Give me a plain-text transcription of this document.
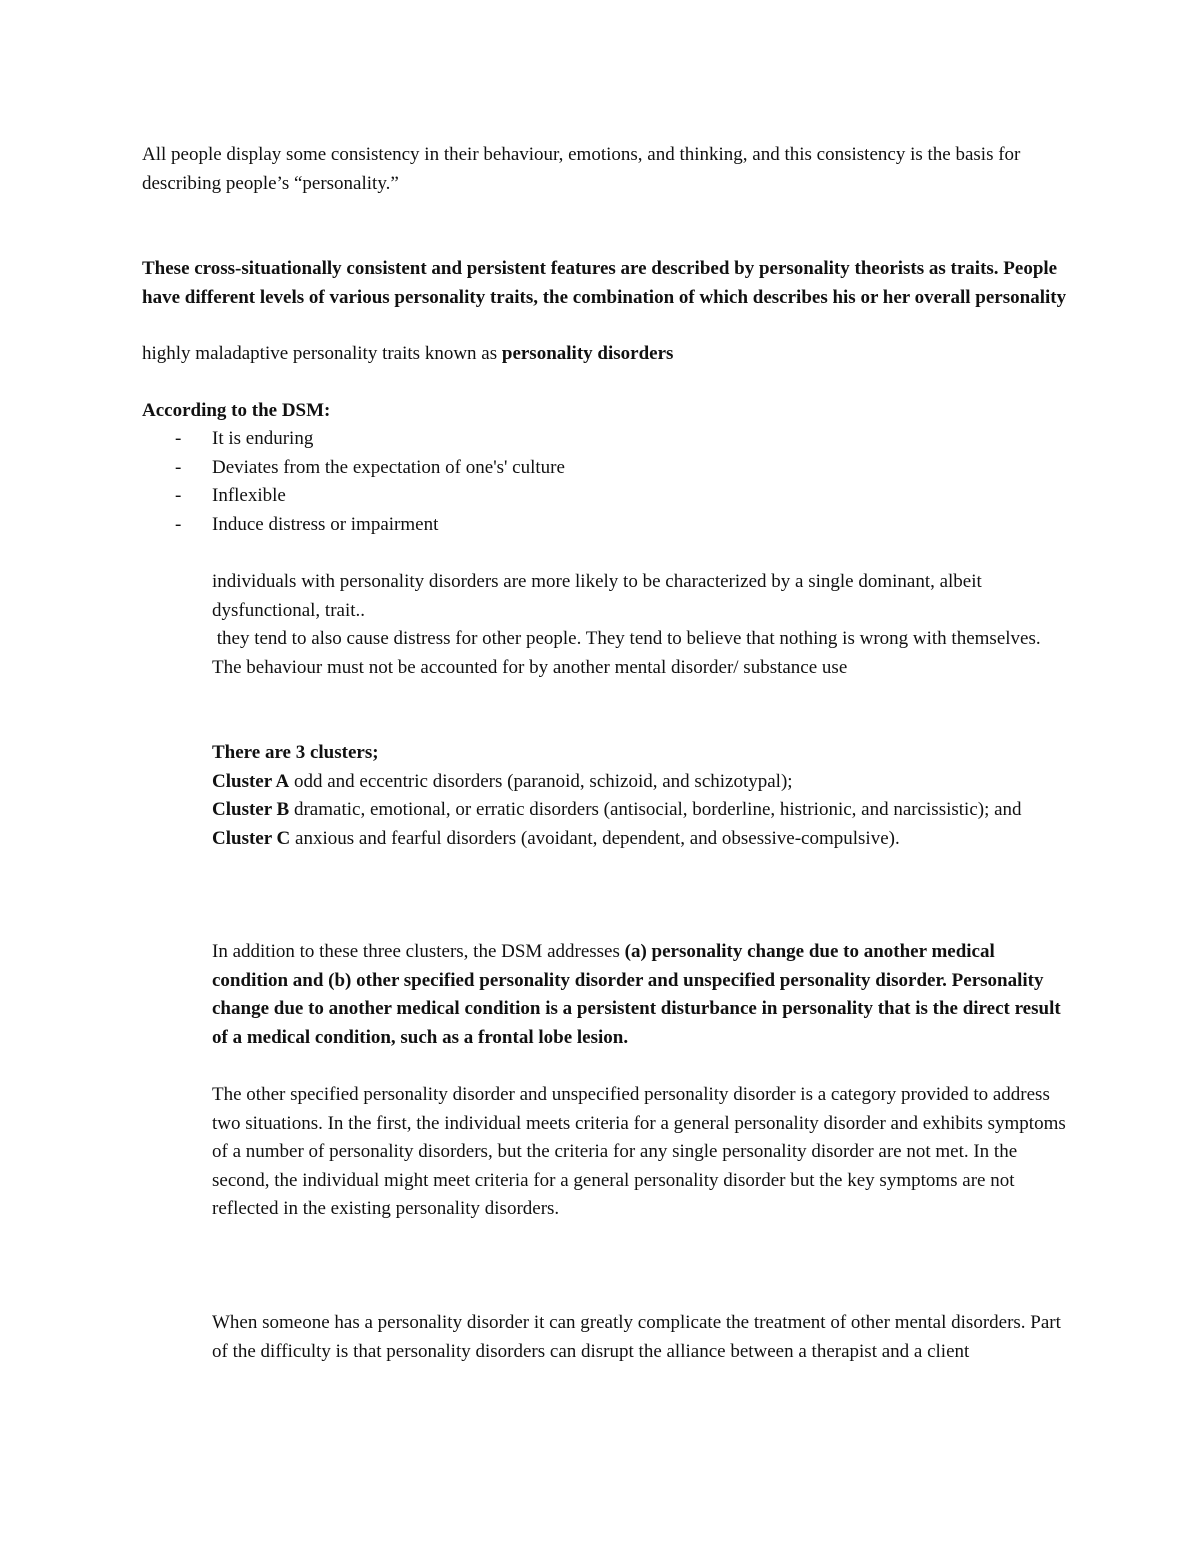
All people display some consistency in their behaviour, emotions, and thinking, and this consistency is the basis for describing people’s “personality.”

These cross-situationally consistent and persistent features are described by personality theorists as traits. People have different levels of various personality traits, the combination of which describes his or her overall personality

highly maladaptive personality traits known as personality disorders

According to the DSM:

- It is enduring
- Deviates from the expectation of one's' culture
- Inflexible
- Induce distress or impairment

individuals with personality disorders are more likely to be characterized by a single dominant, albeit dysfunctional, trait..

they tend to also cause distress for other people. They tend to believe that nothing is wrong with themselves.

The behaviour must not be accounted for by another mental disorder/ substance use

There are 3 clusters;

Cluster A odd and eccentric disorders (paranoid, schizoid, and schizotypal);

Cluster B dramatic, emotional, or erratic disorders (antisocial, borderline, histrionic, and narcissistic); and

Cluster C anxious and fearful disorders (avoidant, dependent, and obsessive-compulsive).

In addition to these three clusters, the DSM addresses (a) personality change due to another medical condition and (b) other specified personality disorder and unspecified personality disorder. Personality change due to another medical condition is a persistent disturbance in personality that is the direct result of a medical condition, such as a frontal lobe lesion.

The other specified personality disorder and unspecified personality disorder is a category provided to address two situations. In the first, the individual meets criteria for a general personality disorder and exhibits symptoms of a number of personality disorders, but the criteria for any single personality disorder are not met. In the second, the individual might meet criteria for a general personality disorder but the key symptoms are not reflected in the existing personality disorders.

When someone has a personality disorder it can greatly complicate the treatment of other mental disorders. Part of the difficulty is that personality disorders can disrupt the alliance between a therapist and a client
